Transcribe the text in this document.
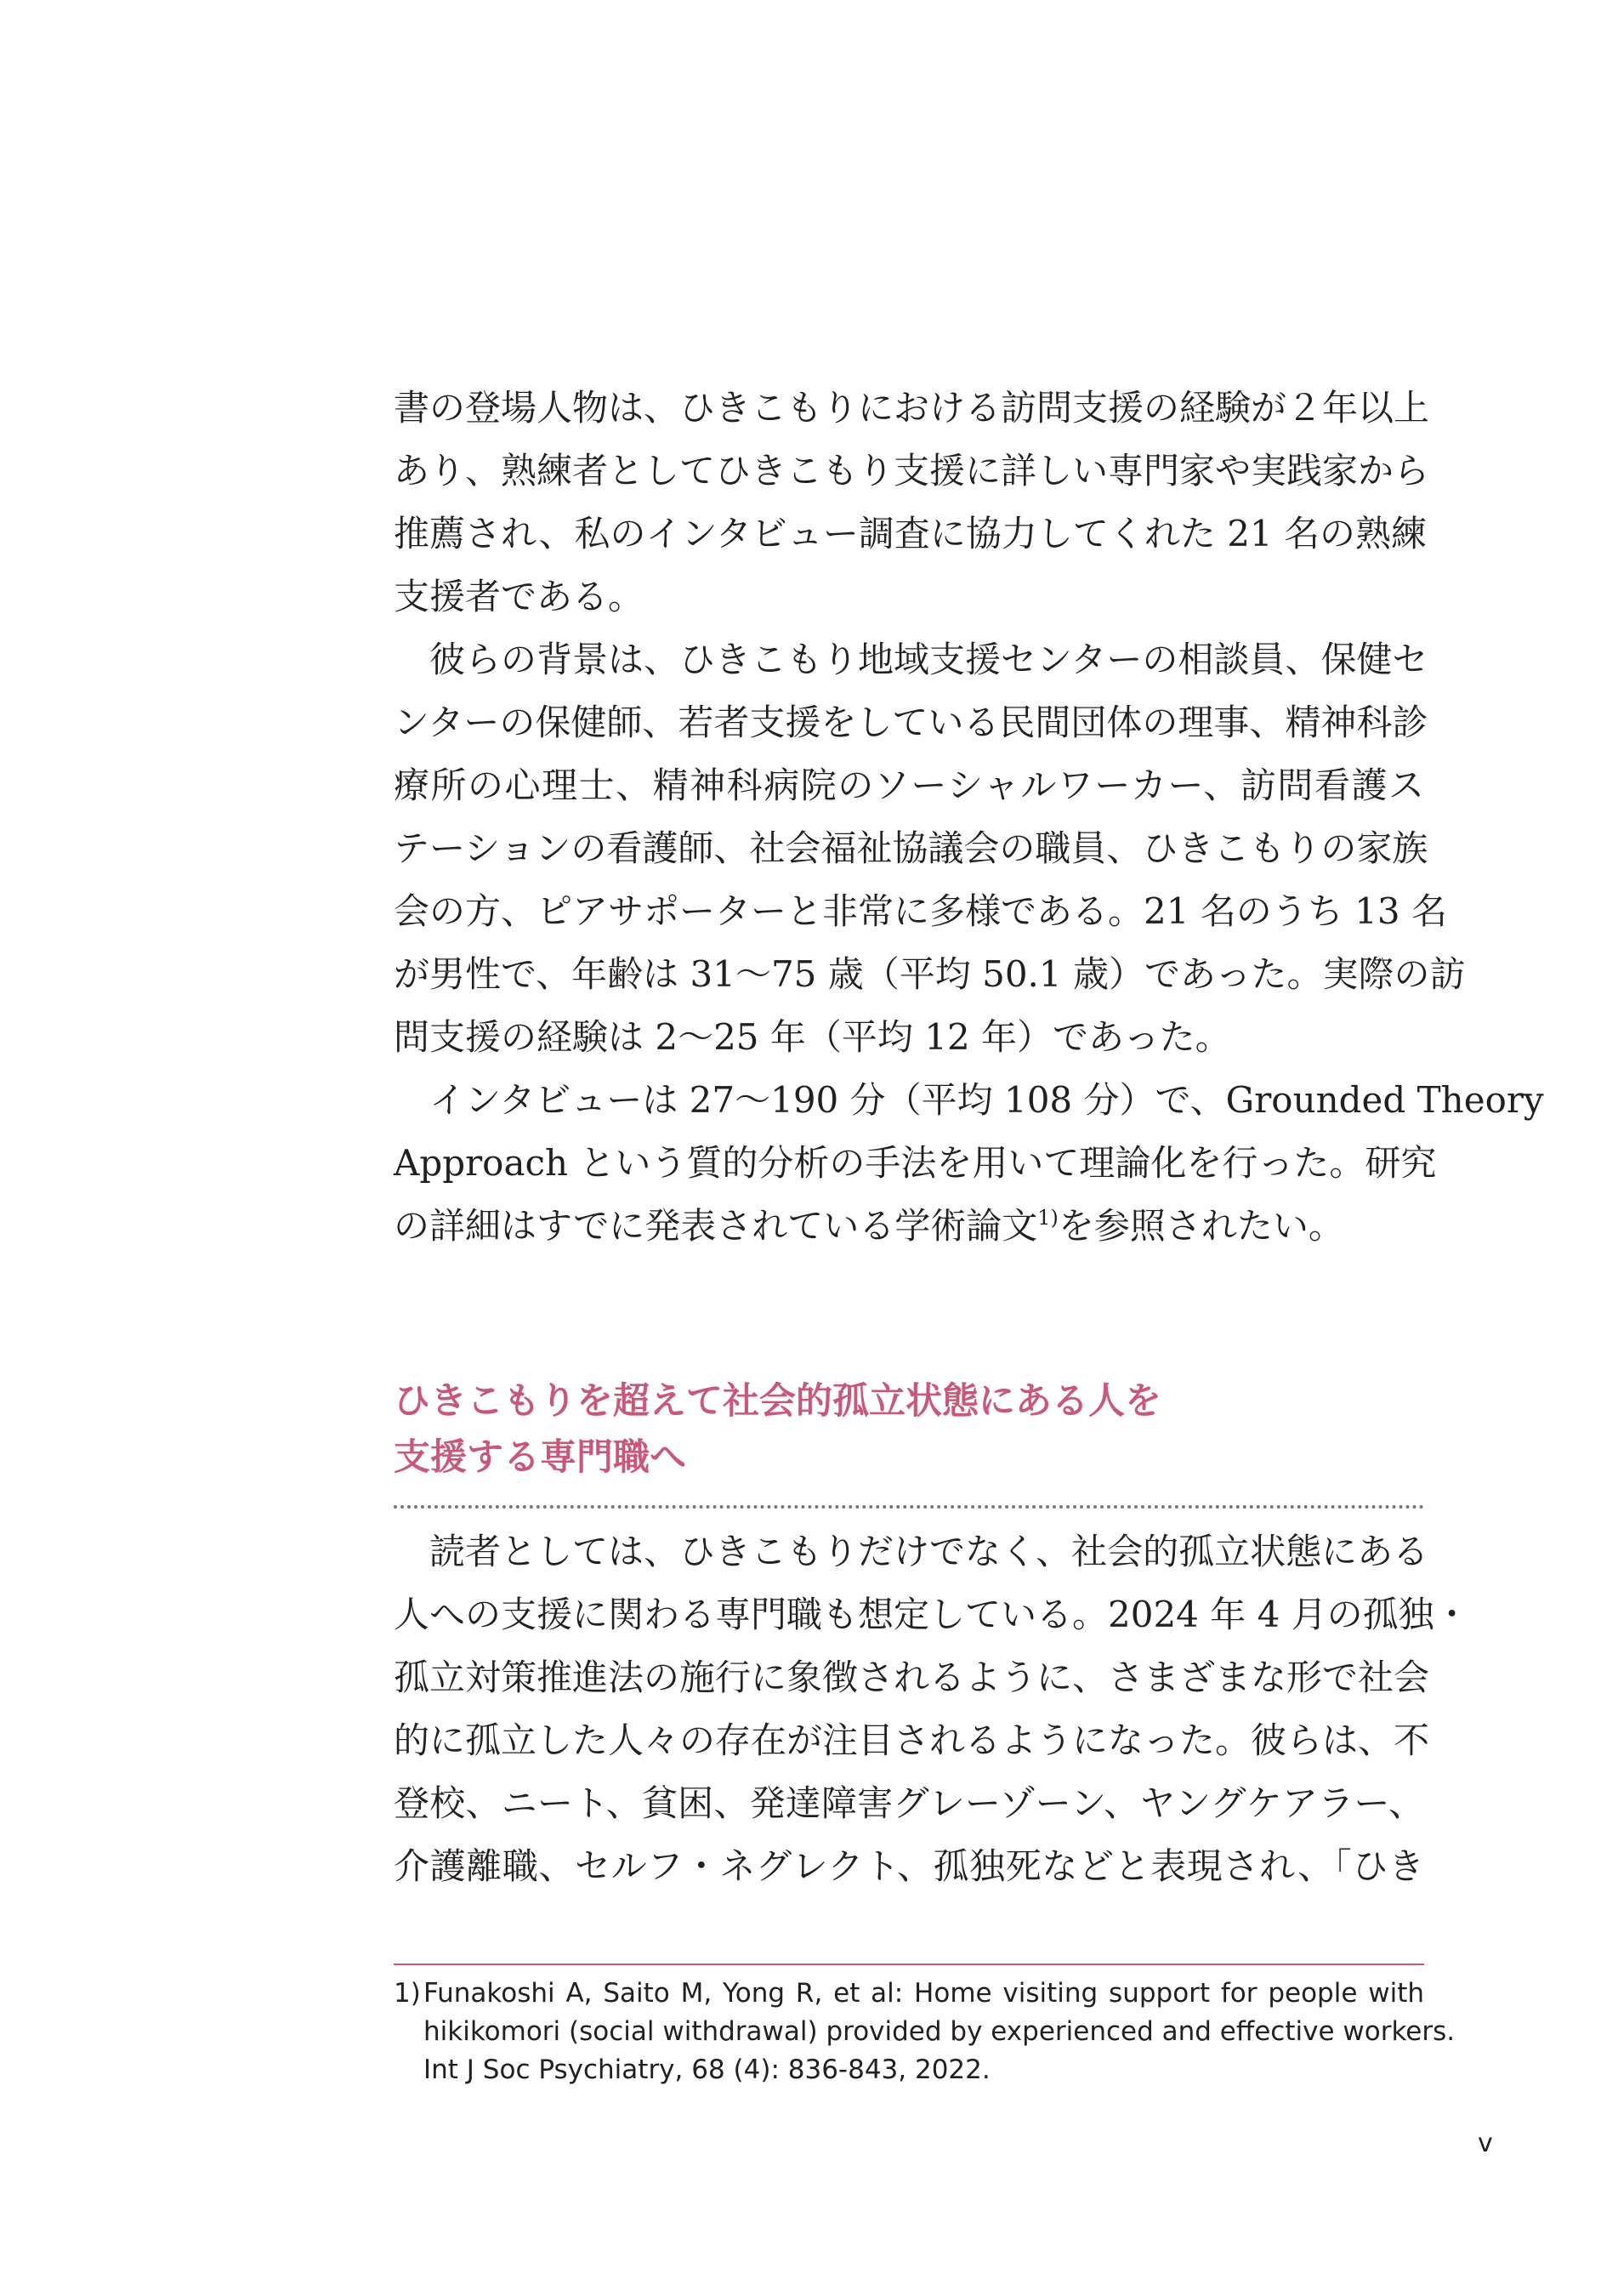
書の登場人物は、ひきこもりにおける訪問支援の経験が２年以上
あり、熟練者としてひきこもり支援に詳しい専門家や実践家から
推薦され、私のインタビュー調査に協力してくれた 21 名の熟練
支援者である。
　彼らの背景は、ひきこもり地域支援センターの相談員、保健セ
ンターの保健師、若者支援をしている民間団体の理事、精神科診
療所の心理士、精神科病院のソーシャルワーカー、訪問看護ス
テーションの看護師、社会福祉協議会の職員、ひきこもりの家族
会の方、ピアサポーターと非常に多様である。21 名のうち 13 名
が男性で、年齢は 31～75 歳（平均 50.1 歳）であった。実際の訪
問支援の経験は 2～25 年（平均 12 年）であった。
　インタビューは 27～190 分（平均 108 分）で、Grounded Theory
Approach という質的分析の手法を用いて理論化を行った。研究
の詳細はすでに発表されている学術論文$^{1)}$を参照されたい。
ひきこもりを超えて社会的孤立状態にある人を
支援する専門職へ
　読者としては、ひきこもりだけでなく、社会的孤立状態にある
人への支援に関わる専門職も想定している。2024 年 4 月の孤独・
孤立対策推進法の施行に象徴されるように、さまざまな形で社会
的に孤立した人々の存在が注目されるようになった。彼らは、不
登校、ニート、貧困、発達障害グレーゾーン、ヤングケアラー、
介護離職、セルフ・ネグレクト、孤独死などと表現され、「ひき
1) Funakoshi A, Saito M, Yong R, et al: Home visiting support for people with
hikikomori (social withdrawal) provided by experienced and effective workers.
Int J Soc Psychiatry, 68 (4): 836‑843, 2022.
v
